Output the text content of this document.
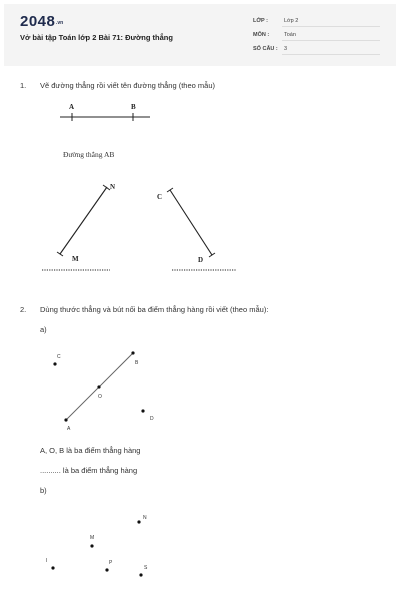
2048 .vn
Vở bài tập Toán lớp 2 Bài 71: Đường thẳng
LỚP :	Lớp 2
MÔN :	Toán
SỐ CÂU : 3
1. Vẽ đường thẳng rồi viết tên đường thẳng (theo mẫu)
Đường thẳng AB
2. Dùng thước thẳng và bút nối ba điểm thẳng hàng rồi viết (theo mẫu):
a)
A, O, B là ba điểm thẳng hàng
.......... là ba điểm thẳng hàng
b)
A	B
N
M
C
D
C
B
O
D
A
N
M
I	P
S
